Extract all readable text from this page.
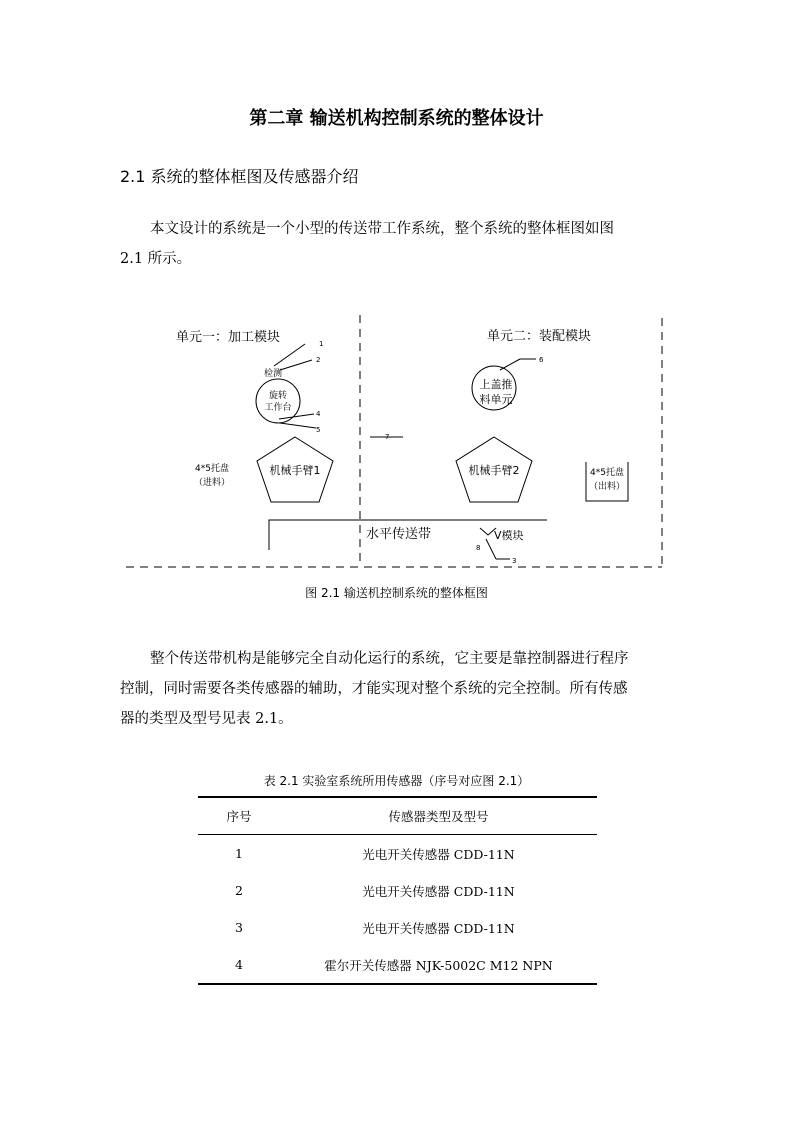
第二章 输送机构控制系统的整体设计
2.1 系统的整体框图及传感器介绍
本文设计的系统是一个小型的传送带工作系统，整个系统的整体框图如图
2.1 所示。
单元一：加工模块	单元二：装配模块
检测
旋转
工作台
4*5托盘
（进料）
机械手臂1	机械手臂2
上盖推
料单元
4*5托盘
（出料）
水平传送带	V模块
1
2
3
4
5
6
7
8
图 2.1 输送机控制系统的整体框图
整个传送带机构是能够完全自动化运行的系统，它主要是靠控制器进行程序
控制，同时需要各类传感器的辅助，才能实现对整个系统的完全控制。所有传感
器的类型及型号见表 2.1。
表 2.1 实验室系统所用传感器（序号对应图 2.1）
序号	传感器类型及型号
1	光电开关传感器 CDD-11N
2	光电开关传感器 CDD-11N
3	光电开关传感器 CDD-11N
4	霍尔开关传感器 NJK-5002C M12 NPN
